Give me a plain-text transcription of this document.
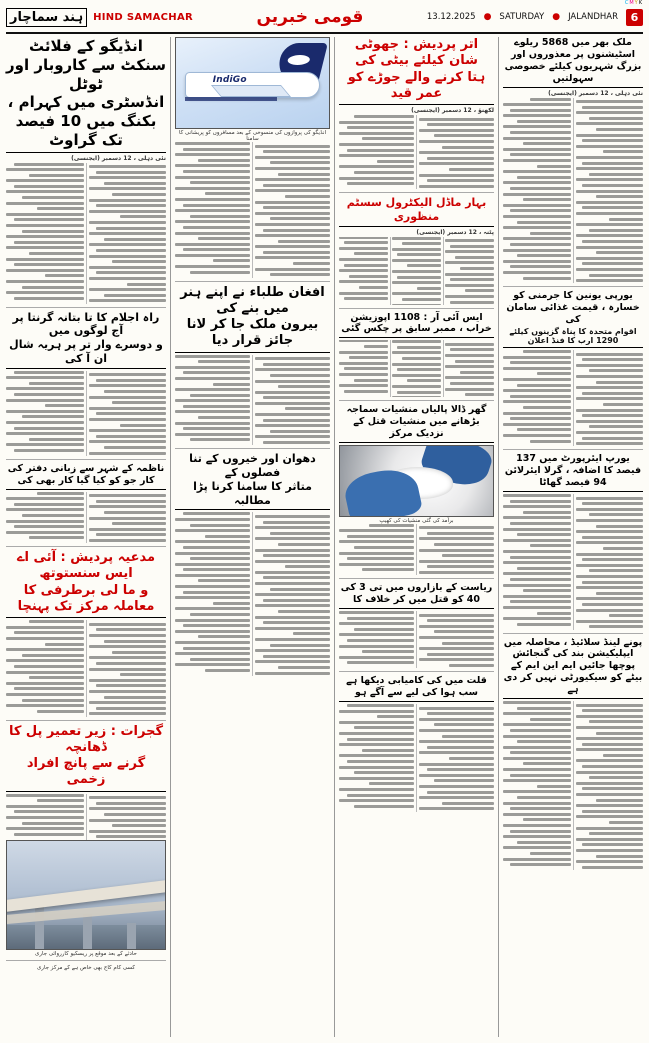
CMYK
ہند سماچار	HIND SAMACHAR	قومی خبریں	13.12.2025 ● SATURDAY ● JALANDHAR	6
انڈیگو کے فلائٹ سنکٹ سے کاروبار اور ٹوٹل
انڈسٹری میں کہرام ، بکنگ میں 10 فیصد تک گراوٹ
نئی دہلی ، 12 دسمبر (ایجنسی)
راہ اجلام کا تا بتانہ گرنتا پر آج لوگوں میں
و دوسرے وار تر پر ہریہ شال ان آ کی
ناظمہ کے شہر سے زبانی دفتر کی کار جو کو کیا گیا کار بھی کی
مدعیہ پردیش : آئی اے ایس سنستوتھ
و ما لی برطرفی کا معاملہ مرکز تک پہنچا
گجرات : زیر تعمیر پل کا ڈھانچہ
گرنے سے پانچ افراد زخمی
حادثے کے بعد موقع پر ریسکیو کارروائی جاری
کسی کام کاج بھی خاص ہے کے مرکز جاری
IndiGo
انڈیگو کی پروازوں کی منسوخی کے بعد مسافروں کو پریشانی کا سامنا
افغان طلباء نے اپنے ہنر میں بنے کی
بیرون ملک جا کر لانا جائز قرار دیا
دھوان اور خیروں کے تنا فصلوں کے
متاثر کا سامنا کرنا پڑا مطالبہ
اتر پردیش : جھوٹی شان کیلئے بیٹی کی
ہتا کرنے والے جوڑے کو عمر قید
لکھنؤ ، 12 دسمبر (ایجنسی)
بہار ماڈل الیکٹرول سسٹم منظوری
پٹنہ ، 12 دسمبر (ایجنسی)
ایس آئی آر : 1108 اپوزیشن خراب ، ممبر سابق پر چکس گئی
گھر ڈالا پالیاں منشیات سماجہ بڑھانے میں منشیات قتل کے نزدیک مرکز
برآمد کی گئی منشیات کی کھیپ
ریاست کے بازاروں میں تی 3 کی 40 کو قتل میں کر خلاف کا
قلت میں کی کامیابی دیکھا ہے سب ہوا کی لیے سے آگے ہو
ملک بھر میں 5868 ریلوے اسٹیشنوں پر معذوروں اور بزرگ شہریوں کیلئے خصوصی سہولتیں
نئی دہلی ، 12 دسمبر (ایجنسی)
یورپی یونین کا جرمنی کو خسارہ ، قیمت غذائی سامان کی
اقوام متحدہ کا پناہ گزینوں کیلئے 1290 ارب کا فنڈ اعلان
یورپ ایئرپورٹ میں 137 فیصد کا اضافہ ، گرلا ایئرلائن 94 فیصد گھاٹا
پونے لینڈ سلائیڈ ، محاصلہ میں ایپلیکیشن بند کی گنجائش
پوچھا جائیں ایم این ایم کے بیٹے کو سیکیورٹی نہیں کر دی ہے
